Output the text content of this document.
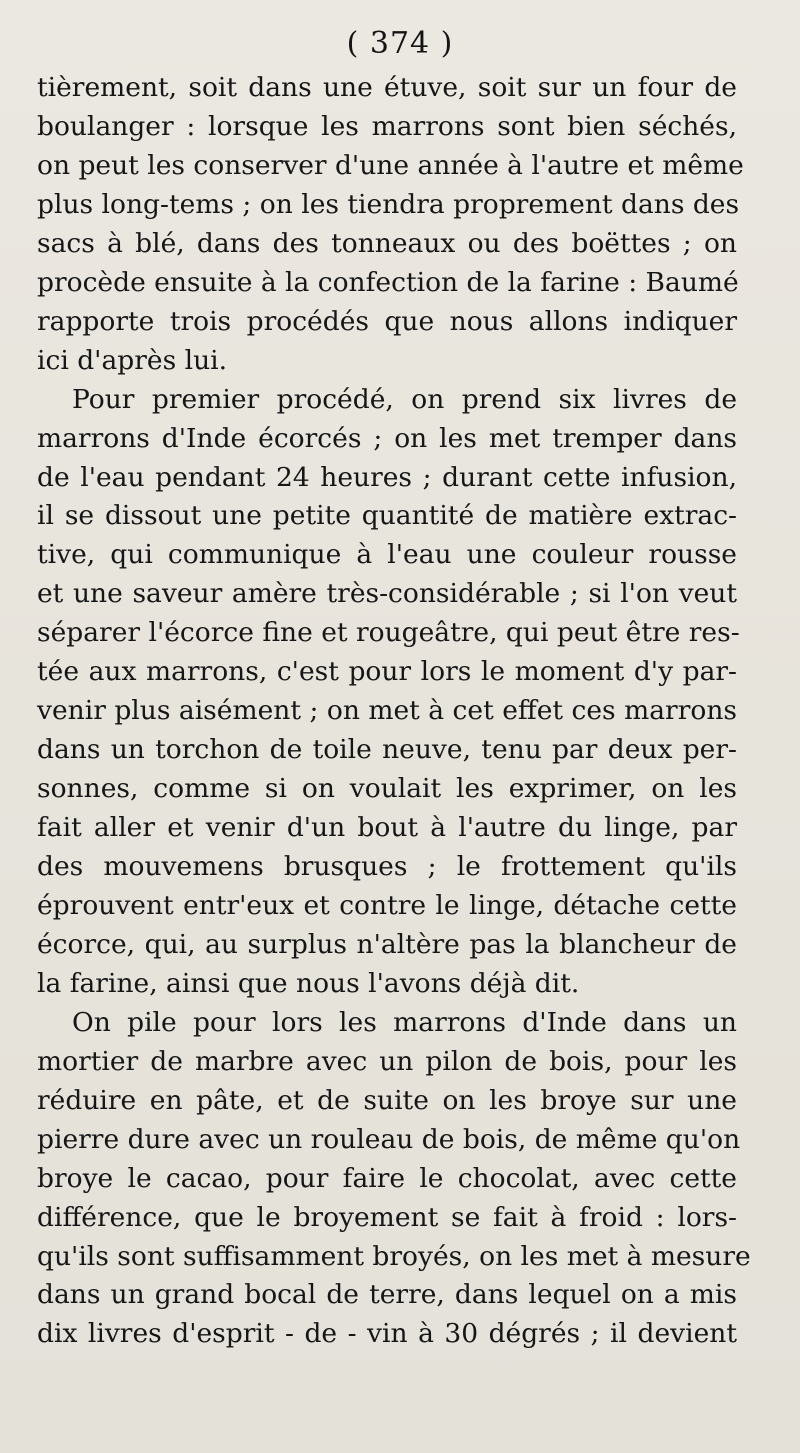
( 374 )
tièrement, soit dans une étuve, soit sur un four de
boulanger : lorsque les marrons sont bien séchés,
on peut les conserver d'une année à l'autre et même
plus long-tems ; on les tiendra proprement dans des
sacs à blé, dans des tonneaux ou des boëttes ; on
procède ensuite à la confection de la farine : Baumé
rapporte trois procédés que nous allons indiquer
ici d'après lui.
Pour premier procédé, on prend six livres de
marrons d'Inde écorcés ; on les met tremper dans
de l'eau pendant 24 heures ; durant cette infusion,
il se dissout une petite quantité de matière extrac-
tive, qui communique à l'eau une couleur rousse
et une saveur amère très-considérable ; si l'on veut
séparer l'écorce fine et rougeâtre, qui peut être res-
tée aux marrons, c'est pour lors le moment d'y par-
venir plus aisément ; on met à cet effet ces marrons
dans un torchon de toile neuve, tenu par deux per-
sonnes, comme si on voulait les exprimer, on les
fait aller et venir d'un bout à l'autre du linge, par
des mouvemens brusques ; le frottement qu'ils
éprouvent entr'eux et contre le linge, détache cette
écorce, qui, au surplus n'altère pas la blancheur de
la farine, ainsi que nous l'avons déjà dit.
On pile pour lors les marrons d'Inde dans un
mortier de marbre avec un pilon de bois, pour les
réduire en pâte, et de suite on les broye sur une
pierre dure avec un rouleau de bois, de même qu'on
broye le cacao, pour faire le chocolat, avec cette
différence, que le broyement se fait à froid : lors-
qu'ils sont suffisamment broyés, on les met à mesure
dans un grand bocal de terre, dans lequel on a mis
dix livres d'esprit - de - vin à 30 dégrés ; il devient
